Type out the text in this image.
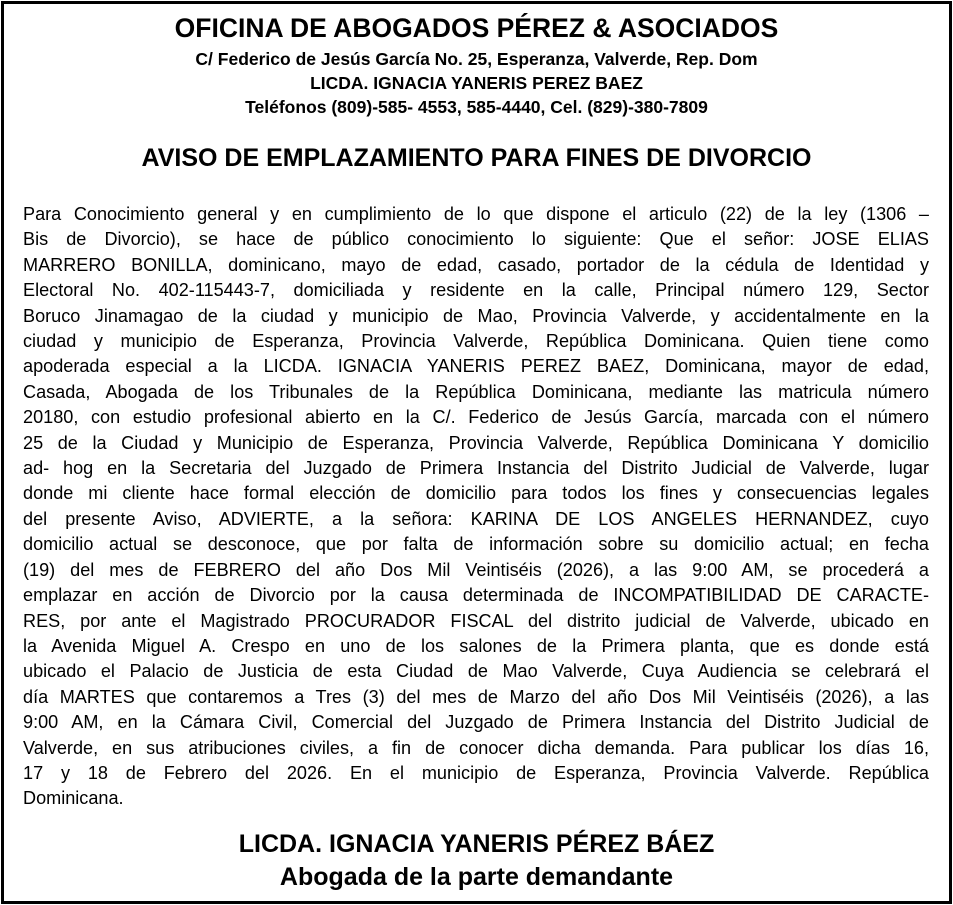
OFICINA DE ABOGADOS PÉREZ & ASOCIADOS
C/ Federico de Jesús García No. 25, Esperanza, Valverde, Rep. Dom
LICDA. IGNACIA YANERIS PEREZ BAEZ
Teléfonos (809)-585- 4553, 585-4440, Cel. (829)-380-7809
AVISO DE EMPLAZAMIENTO PARA FINES DE DIVORCIO
Para Conocimiento general y en cumplimiento de lo que dispone el articulo (22) de la ley (1306 –
Bis de Divorcio), se hace de público conocimiento lo siguiente: Que el señor: JOSE ELIAS
MARRERO BONILLA, dominicano, mayo de edad, casado, portador de la cédula de Identidad y
Electoral No. 402-115443-7, domiciliada y residente en la calle, Principal número 129, Sector
Boruco Jinamagao de la ciudad y municipio de Mao, Provincia Valverde, y accidentalmente en la
ciudad y municipio de Esperanza, Provincia Valverde, República Dominicana. Quien tiene como
apoderada especial a la LICDA. IGNACIA YANERIS PEREZ BAEZ, Dominicana, mayor de edad,
Casada, Abogada de los Tribunales de la República Dominicana, mediante las matricula número
20180, con estudio profesional abierto en la C/. Federico de Jesús García, marcada con el número
25 de la Ciudad y Municipio de Esperanza, Provincia Valverde, República Dominicana Y domicilio
ad- hog en la Secretaria del Juzgado de Primera Instancia del Distrito Judicial de Valverde, lugar
donde mi cliente hace formal elección de domicilio para todos los fines y consecuencias legales
del presente Aviso, ADVIERTE, a la señora: KARINA DE LOS ANGELES HERNANDEZ, cuyo
domicilio actual se desconoce, que por falta de información sobre su domicilio actual; en fecha
(19) del mes de FEBRERO del año Dos Mil Veintiséis (2026), a las 9:00 AM, se procederá a
emplazar en acción de Divorcio por la causa determinada de INCOMPATIBILIDAD DE CARACTE-
RES, por ante el Magistrado PROCURADOR FISCAL del distrito judicial de Valverde, ubicado en
la Avenida Miguel A. Crespo en uno de los salones de la Primera planta, que es donde está
ubicado el Palacio de Justicia de esta Ciudad de Mao Valverde, Cuya Audiencia se celebrará el
día MARTES que contaremos a Tres (3) del mes de Marzo del año Dos Mil Veintiséis (2026), a las
9:00 AM, en la Cámara Civil, Comercial del Juzgado de Primera Instancia del Distrito Judicial de
Valverde, en sus atribuciones civiles, a fin de conocer dicha demanda. Para publicar los días 16,
17 y 18 de Febrero del 2026. En el municipio de Esperanza, Provincia Valverde. República
Dominicana.
LICDA. IGNACIA YANERIS PÉREZ BÁEZ
Abogada de la parte demandante
